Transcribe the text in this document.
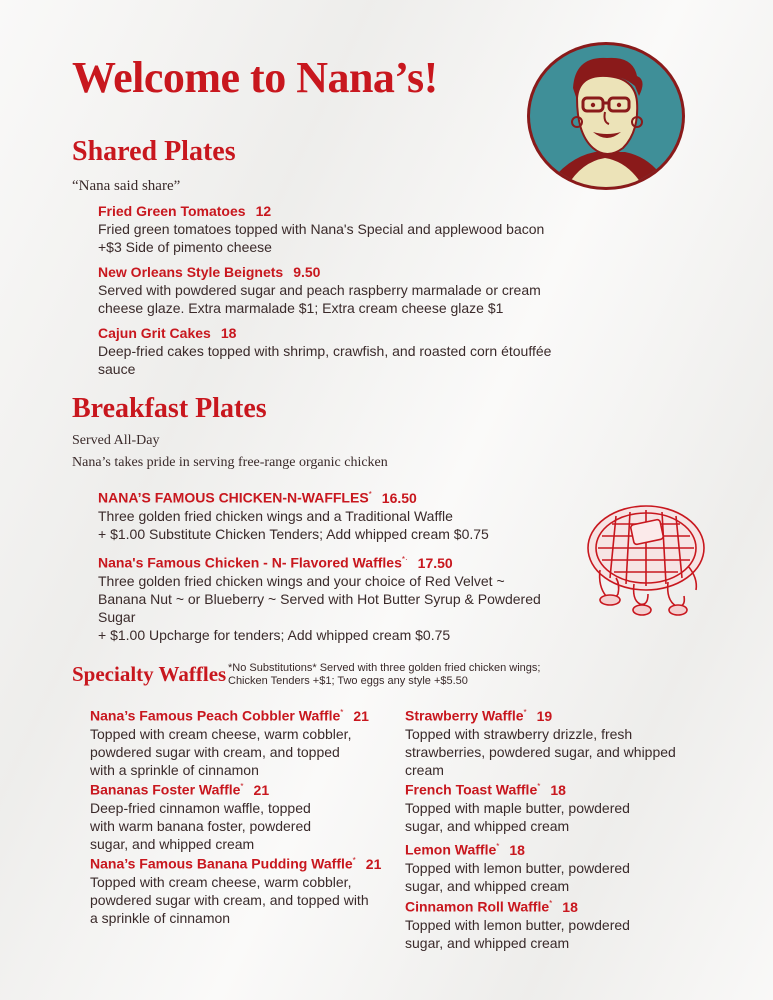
Welcome to Nana’s!
Shared Plates
“Nana said share”
Fried Green Tomatoes 12
Fried green tomatoes topped with Nana's Special and applewood bacon
+$3 Side of pimento cheese
New Orleans Style Beignets 9.50
Served with powdered sugar and peach raspberry marmalade or cream
cheese glaze. Extra marmalade $1; Extra cream cheese glaze $1
Cajun Grit Cakes 18
Deep-fried cakes topped with shrimp, crawfish, and roasted corn étouffée
sauce
Breakfast Plates
Served All-Day
Nana’s takes pride in serving free-range organic chicken
NANA’S FAMOUS CHICKEN-N-WAFFLES* 16.50
Three golden fried chicken wings and a Traditional Waffle
+ $1.00 Substitute Chicken Tenders; Add whipped cream $0.75
Nana's Famous Chicken - N- Flavored Waffles*· 17.50
Three golden fried chicken wings and your choice of Red Velvet ~
Banana Nut ~ or Blueberry ~ Served with Hot Butter Syrup & Powdered
Sugar
+ $1.00 Upcharge for tenders; Add whipped cream $0.75
Specialty Waffles *No Substitutions* Served with three golden fried chicken wings;
Chicken Tenders +$1; Two eggs any style +$5.50
Nana’s Famous Peach Cobbler Waffle* 21
Topped with cream cheese, warm cobbler,
powdered sugar with cream, and topped
with a sprinkle of cinnamon
Bananas Foster Waffle* 21
Deep-fried cinnamon waffle, topped
with warm banana foster, powdered
sugar, and whipped cream
Nana’s Famous Banana Pudding Waffle* 21
Topped with cream cheese, warm cobbler,
powdered sugar with cream, and topped with
a sprinkle of cinnamon
Strawberry Waffle* 19
Topped with strawberry drizzle, fresh
strawberries, powdered sugar, and whipped
cream
French Toast Waffle* 18
Topped with maple butter, powdered
sugar, and whipped cream
Lemon Waffle* 18
Topped with lemon butter, powdered
sugar, and whipped cream
Cinnamon Roll Waffle* 18
Topped with lemon butter, powdered
sugar, and whipped cream
